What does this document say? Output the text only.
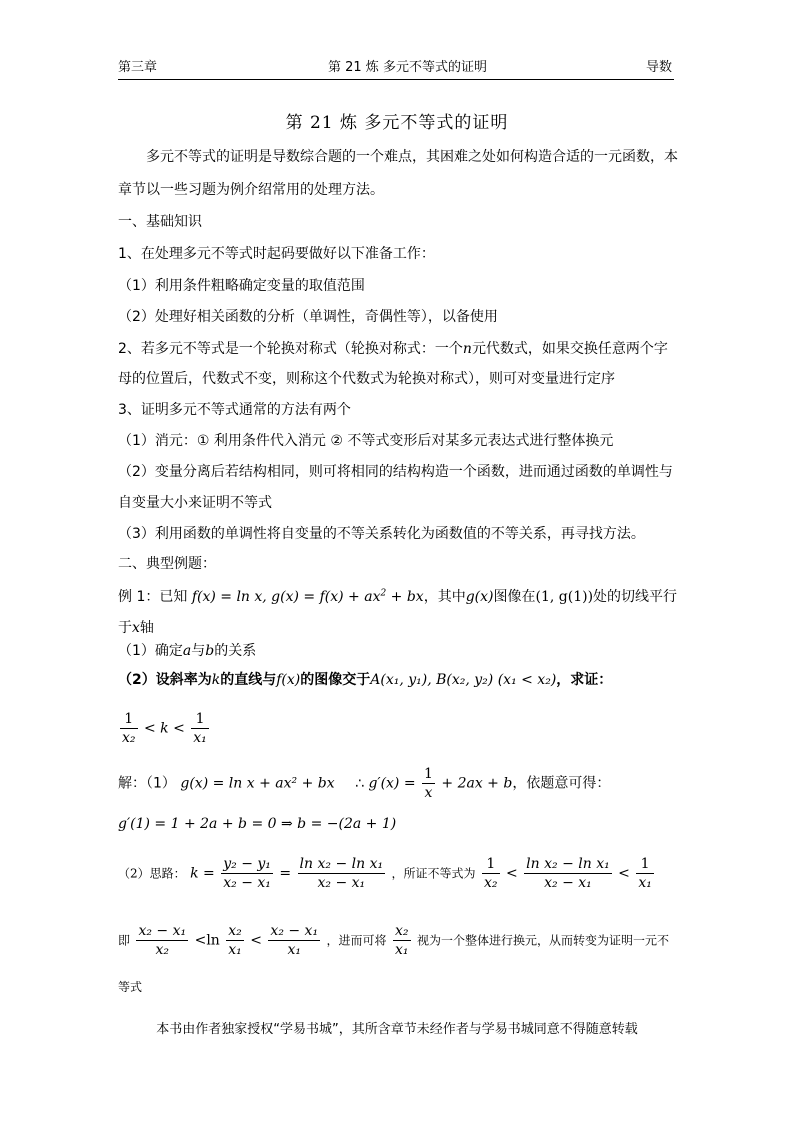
第三章	第 21 炼 多元不等式的证明	导数
第 21 炼 多元不等式的证明
多元不等式的证明是导数综合题的一个难点，其困难之处如何构造合适的一元函数，本
章节以一些习题为例介绍常用的处理方法。
一、基础知识
1、在处理多元不等式时起码要做好以下准备工作：
（1）利用条件粗略确定变量的取值范围
（2）处理好相关函数的分析（单调性，奇偶性等），以备使用
2、若多元不等式是一个轮换对称式（轮换对称式：一个n元代数式，如果交换任意两个字
母的位置后，代数式不变，则称这个代数式为轮换对称式），则可对变量进行定序
3、证明多元不等式通常的方法有两个
（1）消元：① 利用条件代入消元 ② 不等式变形后对某多元表达式进行整体换元
（2）变量分离后若结构相同，则可将相同的结构构造一个函数，进而通过函数的单调性与
自变量大小来证明不等式
（3）利用函数的单调性将自变量的不等关系转化为函数值的不等关系，再寻找方法。
二、典型例题：
例 1：已知 f(x) = ln x, $g(x) = f(x) + ax^2$ + bx，其中g(x)图像在(1, g(1))处的切线平行
于x轴
（1）确定a与b的关系
（2）设斜率为k的直线与f(x)的图像交于A(x₁, y₁), B(x₂, y₂) (x₁ < x₂)，求证：
$\frac{1}{\text{x₂}} < k < \frac{1}{\text{x₁}}$
解：（1） g(x) = ln x + ax² + bx ∴ $g'(x) = \frac{1}{x} + 2ax + b$，依题意可得：
g′(1) = 1 + 2a + b = 0 ⇒ b = −(2a + 1)
（2）思路： $k = \frac{\text{y₂ − y₁}}{\text{x₂ − x₁}} = \frac{\text{ln x₂ − ln x₁}}{\text{x₂ − x₁}}$ ，所证不等式为 $\frac{1}{\text{x₂}} < \frac{\text{ln x₂ − ln x₁}}{\text{x₂ − x₁}} < \frac{1}{\text{x₁}}$
即 $\frac{\text{x₂ − x₁}}{\text{x₂}} <\ln \frac{\text{x₂}}{\text{x₁}} < \frac{\text{x₂ − x₁}}{\text{x₁}}$ ，进而可将 $\frac{\text{x₂}}{\text{x₁}}$ 视为一个整体进行换元，从而转变为证明一元不
等式
本书由作者独家授权“学易书城”，其所含章节未经作者与学易书城同意不得随意转载
